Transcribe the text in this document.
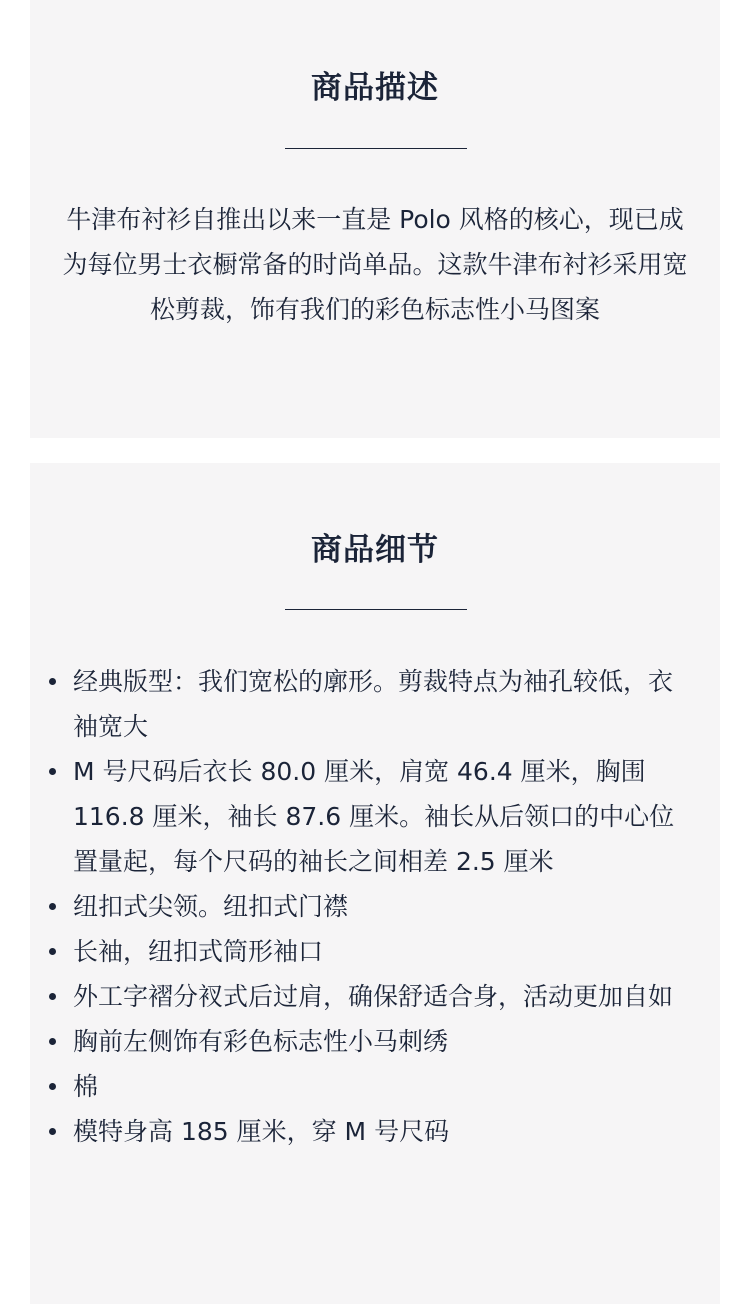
商品描述

牛津布衬衫自推出以来一直是 Polo 风格的核心，现已成为每位男士衣橱常备的时尚单品。这款牛津布衬衫采用宽松剪裁，饰有我们的彩色标志性小马图案

商品细节
经典版型：我们宽松的廓形。剪裁特点为袖孔较低，衣袖宽大
M 号尺码后衣长 80.0 厘米，肩宽 46.4 厘米，胸围 116.8 厘米，袖长 87.6 厘米。袖长从后领口的中心位置量起，每个尺码的袖长之间相差 2.5 厘米
纽扣式尖领。纽扣式门襟
长袖，纽扣式筒形袖口
外工字褶分衩式后过肩，确保舒适合身，活动更加自如
胸前左侧饰有彩色标志性小马刺绣
棉
模特身高 185 厘米，穿 M 号尺码
